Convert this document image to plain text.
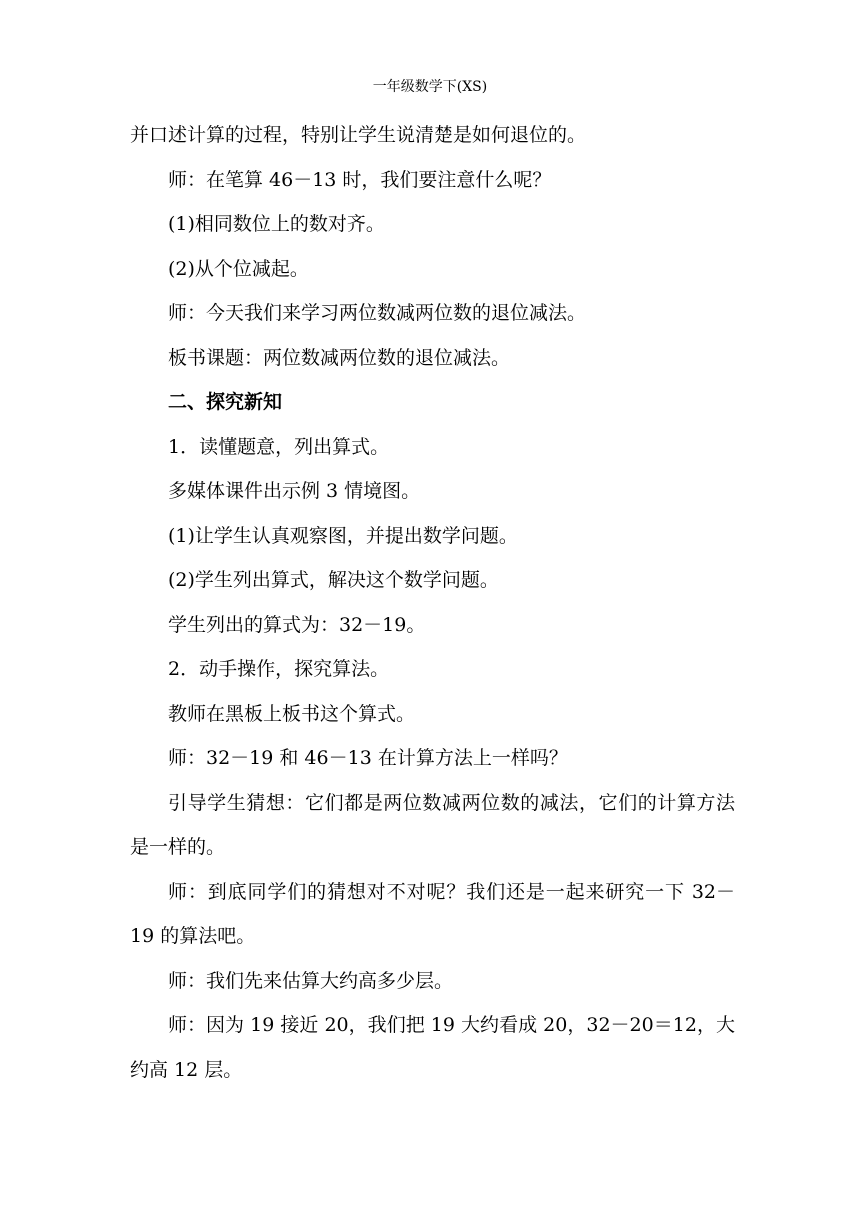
一年级数学下(XS)

并口述计算的过程，特别让学生说清楚是如何退位的。

师：在笔算 46－13 时，我们要注意什么呢？

(1)相同数位上的数对齐。

(2)从个位减起。

师：今天我们来学习两位数减两位数的退位减法。

板书课题：两位数减两位数的退位减法。

二、探究新知

1．读懂题意，列出算式。

多媒体课件出示例 3 情境图。

(1)让学生认真观察图，并提出数学问题。

(2)学生列出算式，解决这个数学问题。

学生列出的算式为：32－19。

2．动手操作，探究算法。

教师在黑板上板书这个算式。

师：32－19 和 46－13 在计算方法上一样吗？

引导学生猜想：它们都是两位数减两位数的减法，它们的计算方法是一样的。

师：到底同学们的猜想对不对呢？我们还是一起来研究一下 32－19 的算法吧。

师：我们先来估算大约高多少层。

师：因为 19 接近 20，我们把 19 大约看成 20，32－20＝12，大约高 12 层。
